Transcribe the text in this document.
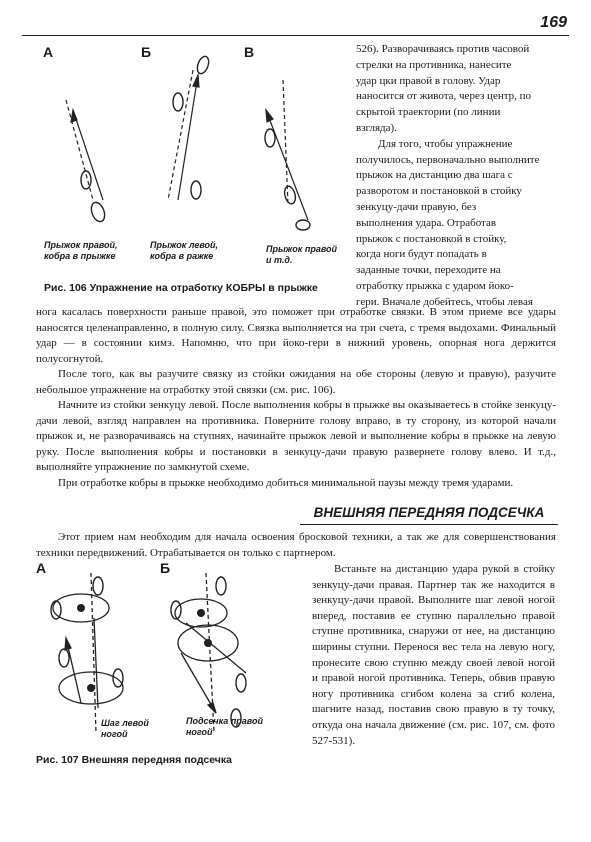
169
А	Б	В
Прыжок правой,
кобра в прыжке
Прыжок левой,
кобра в ражке
Прыжок правой
и т.д.
Рис. 106 Упражнение на отработку КОБРЫ в прыжке
526). Разворачиваясь против часовой
стрелки на противника, нанесите
удар цки правой в голову. Удар
наносится от живота, через центр, по
скрытой траектории (по линии
взгляда).
Для того, чтобы упражнение
получилось, первоначально выполните
прыжок на дистанцию два шага с
разворотом и постановкой в стойку
зенкуцу-дачи правую, без
выполнения удара. Отработав
прыжок с постановкой в стойку,
когда ноги будут попадать в
заданные точки, переходите на
отработку прыжка с ударом йоко-
гери. Вначале добейтесь, чтобы левая

нога касалась поверхности раньше правой, это поможет при отработке связки. В этом приеме все удары наносятся целенаправленно, в полную силу. Связка выполняется на три счета, с тремя выдохами. Финальный удар — в состоянии кимэ. Напомню, что при йоко-гери в нижний уровень, опорная нога держится полусогнутой.

После того, как вы разучите связку из стойки ожидания на обе стороны (левую и правую), разучите небольшое упражнение на отработку этой связки (см. рис. 106).

Начните из стойки зенкуцу левой. После выполнения кобры в прыжке вы оказываетесь в стойке зенкуцу-дачи левой, взгляд направлен на противника. Поверните голову вправо, в ту сторону, из которой начали прыжок и, не разворачиваясь на ступнях, начинайте прыжок левой и выполнение кобры в прыжке на левую руку. После выполнения кобры и постановки в зенкуцу-дачи правую развернете голову влево. И т.д., выполняйте упражнение по замкнутой схеме.

При отработке кобры в прыжке необходимо добиться минимальной паузы между тремя ударами.

ВНЕШНЯЯ ПЕРЕДНЯЯ ПОДСЕЧКА

Этот прием нам необходим для начала освоения бросковой техники, а так же для совершенствования техники передвижений. Отрабатывается он только с партнером.

А	Б
Шаг левой
ногой
Подсечка правой
ногой
Рис. 107 Внешняя передняя подсечка

Встаньте на дистанцию удара рукой в стойку зенкуцу-дачи правая. Партнер так же находится в зенкуцу-дачи правой. Выполните шаг левой ногой вперед, поставив ее ступню параллельно правой ступне противника, снаружи от нее, на дистанцию ширины ступни. Перенося вес тела на левую ногу, пронесите свою ступню между своей левой ногой и правой ногой противника. Теперь, обвив правую ногу противника сгибом колена за сгиб колена, шагните назад, поставив свою правую в ту точку, откуда она начала движение (см. рис. 107, см. фото 527-531).
